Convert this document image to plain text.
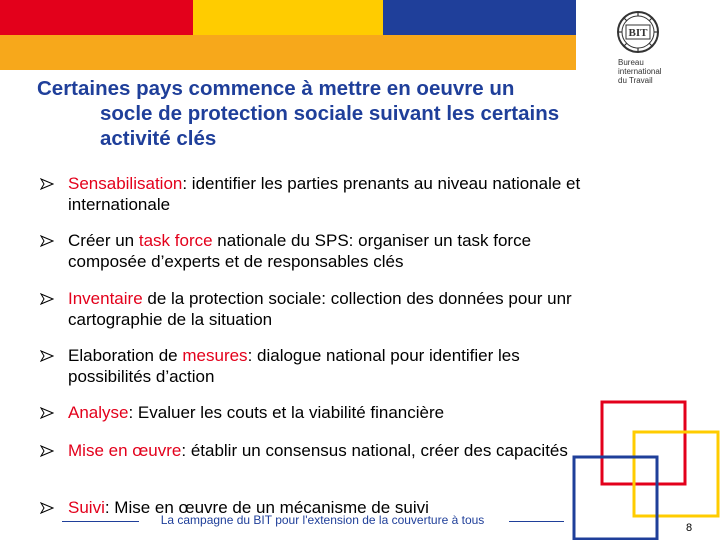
BIT
Bureau
international
du Travail
Certaines pays commence à mettre en oeuvre un
socle de protection sociale suivant les certains
activité clés
Sensabilisation: identifier les parties prenants au niveau nationale et internationale
Créer un task force nationale du SPS: organiser un task force composée d’experts et de responsables clés
Inventaire de la protection sociale: collection des données pour unr cartographie de la situation
Elaboration de mesures: dialogue national pour identifier les possibilités d’action
Analyse: Evaluer les couts et la viabilité financière
Mise en œuvre: établir un consensus national, créer des capacités
Suivi: Mise en œuvre de un mécanisme de suivi
La campagne du BIT pour l'extension de la couverture à tous
8
